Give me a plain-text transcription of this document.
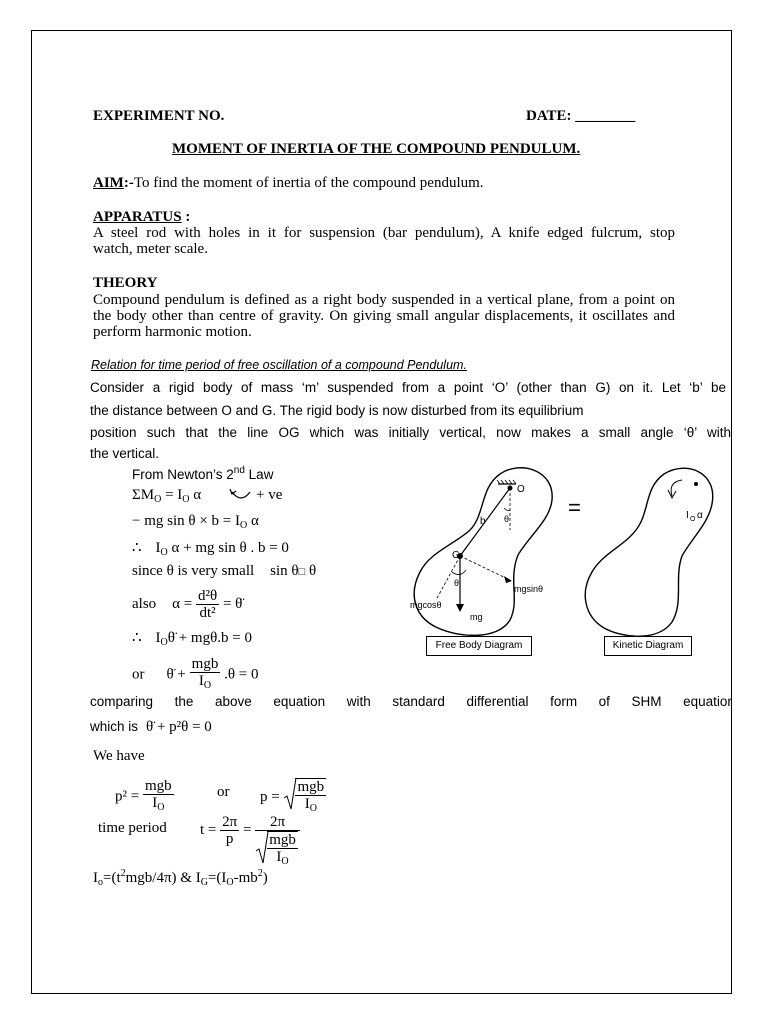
EXPERIMENT NO.	DATE: ________
MOMENT OF INERTIA OF THE COMPOUND PENDULUM.
AIM:-To find the moment of inertia of the compound pendulum.
APPARATUS :
A steel rod with holes in it for suspension (bar pendulum), A knife edged fulcrum, stop
watch, meter scale.
THEORY
Compound pendulum is defined as a right body suspended in a vertical plane, from a point on
the body other than centre of gravity. On giving small angular displacements, it oscillates and
perform harmonic motion.
Relation for time period of free oscillation of a compound Pendulum.
Consider a rigid body of mass ‘m’ suspended from a point ‘O’ (other than G) on it. Let ‘b’ be
the distance between O and G. The rigid body is now disturbed from its equilibrium
position such that the line OG which was initially vertical, now makes a small angle ‘θ’ with
the vertical.
From Newton’s 2nd Law
$\Sigma M_O = I_O$ α	+ ve
− mg $\sin \theta \times b = I_O$ α
∴ $I_O$ α + mg sin θ . b = 0
since θ is very small sin θ□ θ
also $\alpha = \frac{\text{d²θ}}{\text{dt²}}$ = θ̈
∴ $I_O\thetä + mg\theta.b = 0$
or θ̈ + $\frac{\text{mgb}}{I_O} .\theta = 0$
=
O
b
G
θ
θ
mgsinθ
mgcosθ
mg
I O α
Free Body Diagram	Kinetic Diagram
comparing the above equation with standard differential form of SHM equatior
which is θ̈ + p²θ = 0
We have
$p^2 = \frac{\text{mgb}}{I_O}$	or $p = \frac{\text{mgb}}{I_O}$
time period $t = \frac{2\pi}{p} = \frac{2\pi}{\frac{\text{mgb}}{I_O}}$
$I_o=(t^2mgb/4\pi)$ & $I_G=(I_O-mb^2)$
